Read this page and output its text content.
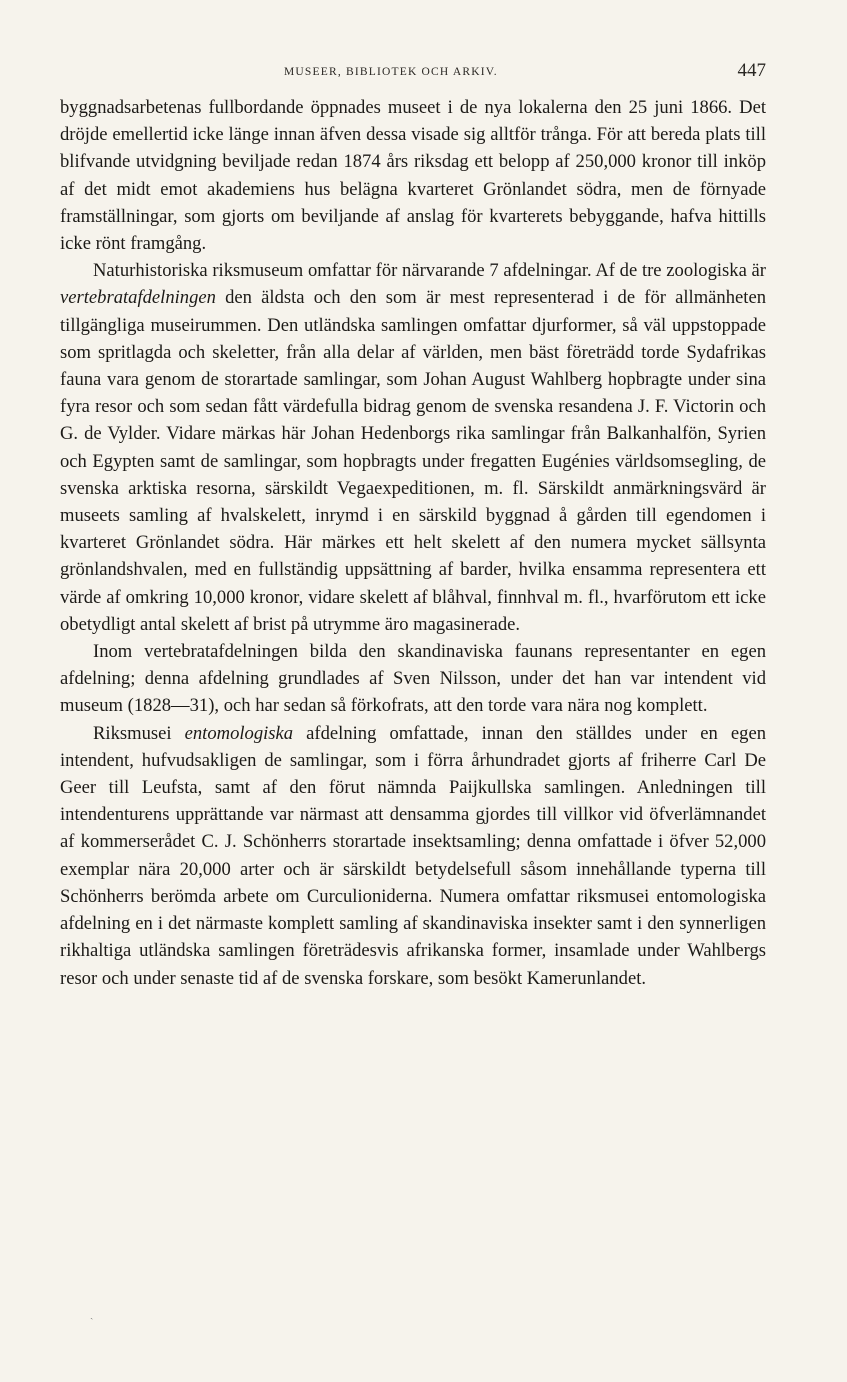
MUSEER, BIBLIOTEK OCH ARKIV.	447

byggnadsarbetenas fullbordande öppnades museet i de nya lokalerna den 25 juni 1866. Det dröjde emellertid icke länge innan äfven dessa visade sig alltför trånga. För att bereda plats till blifvande utvidgning beviljade redan 1874 års riksdag ett belopp af 250,000 kronor till inköp af det midt emot akademiens hus belägna kvarteret Grönlandet södra, men de förnyade framställningar, som gjorts om beviljande af anslag för kvarterets bebyggande, hafva hittills icke rönt framgång.

Naturhistoriska riksmuseum omfattar för närvarande 7 afdelningar. Af de tre zoologiska är vertebratafdelningen den äldsta och den som är mest representerad i de för allmänheten tillgängliga museirummen. Den utländska samlingen omfattar djurformer, så väl uppstoppade som spritlagda och skeletter, från alla delar af världen, men bäst företrädd torde Sydafrikas fauna vara genom de storartade samlingar, som Johan August Wahlberg hopbragte under sina fyra resor och som sedan fått värdefulla bidrag genom de svenska resandena J. F. Victorin och G. de Vylder. Vidare märkas här Johan Hedenborgs rika samlingar från Balkanhalfön, Syrien och Egypten samt de samlingar, som hopbragts under fregatten Eugénies världsomsegling, de svenska arktiska resorna, särskildt Vegaexpeditionen, m. fl. Särskildt anmärkningsvärd är museets samling af hvalskelett, inrymd i en särskild byggnad å gården till egendomen i kvarteret Grönlandet södra. Här märkes ett helt skelett af den numera mycket sällsynta grönlandshvalen, med en fullständig uppsättning af barder, hvilka ensamma representera ett värde af omkring 10,000 kronor, vidare skelett af blåhval, finnhval m. fl., hvarförutom ett icke obetydligt antal skelett af brist på utrymme äro magasinerade.

Inom vertebratafdelningen bilda den skandinaviska faunans representanter en egen afdelning; denna afdelning grundlades af Sven Nilsson, under det han var intendent vid museum (1828—31), och har sedan så förkofrats, att den torde vara nära nog komplett.

Riksmusei entomologiska afdelning omfattade, innan den ställdes under en egen intendent, hufvudsakligen de samlingar, som i förra århundradet gjorts af friherre Carl De Geer till Leufsta, samt af den förut nämnda Paijkullska samlingen. Anledningen till intendenturens upprättande var närmast att densamma gjordes till villkor vid öfverlämnandet af kommerserådet C. J. Schönherrs storartade insektsamling; denna omfattade i öfver 52,000 exemplar nära 20,000 arter och är särskildt betydelsefull såsom innehållande typerna till Schönherrs berömda arbete om Curculioniderna. Numera omfattar riksmusei entomologiska afdelning en i det närmaste komplett samling af skandinaviska insekter samt i den synnerligen rikhaltiga utländska samlingen företrädesvis afrikanska former, insamlade under Wahlbergs resor och under senaste tid af de svenska forskare, som besökt Kamerunlandet.

ˏ
